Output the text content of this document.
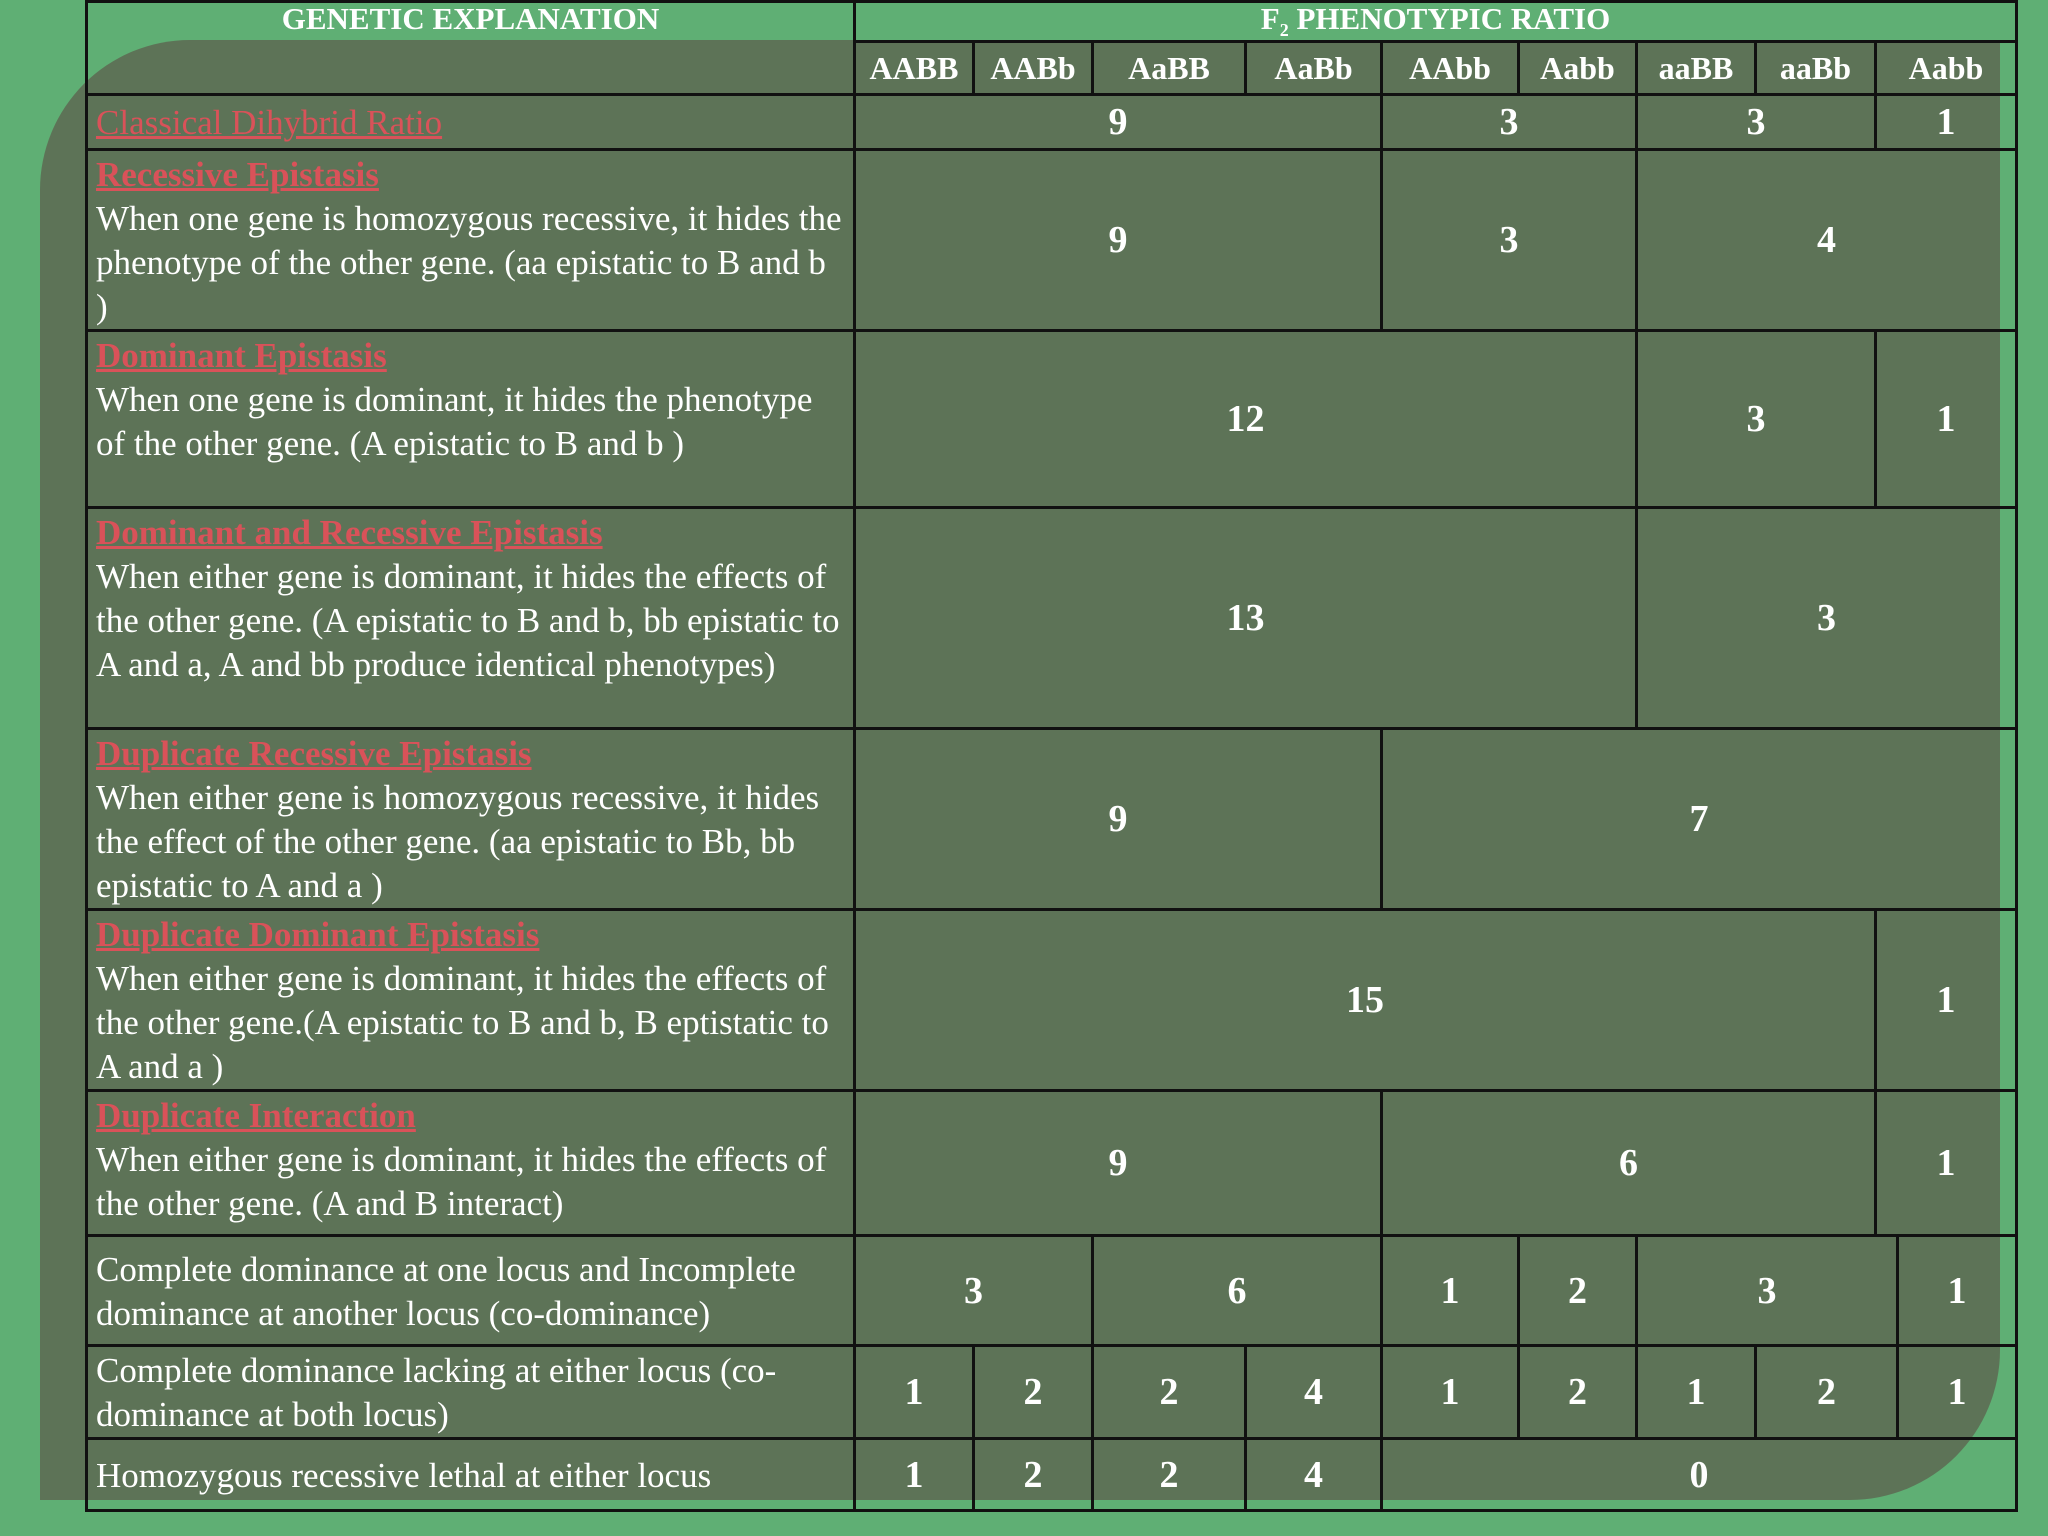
GENETIC EXPLANATION	$F_2$ PHENOTYPIC RATIO									
	AABB	AABb	AaBB	AaBb	AAbb	Aabb	aaBB	aaBb	Aabb	

Classical Dihybrid Ratio	9				3		3		1	

Recessive Epistasis
When one gene is homozygous recessive, it hides the phenotype of the other gene. (aa epistatic to B and b )	9				3		4			

Dominant Epistasis
When one gene is dominant, it hides the phenotype of the other gene. (A epistatic to B and b )	12						3		1	

Dominant and Recessive Epistasis
When either gene is dominant, it hides the effects of the other gene. (A epistatic to B and b, bb epistatic to A and a, A and bb produce identical phenotypes)	13						3			

Duplicate Recessive Epistasis
When either gene is homozygous recessive, it hides the effect of the other gene. (aa epistatic to Bb, bb epistatic to A and a )	9				7					

Duplicate Dominant Epistasis
When either gene is dominant, it hides the effects of the other gene.(A epistatic to B and b, B eptistatic to A and a )	15								1	

Duplicate Interaction
When either gene is dominant, it hides the effects of the other gene. (A and B interact)	9				6				1	
Complete dominance at one locus and Incomplete dominance at another locus (co-dominance)	3		6		1	2	3			1
Complete dominance lacking at either locus (co-dominance at both locus)	1	2	2	4	1	2	1	2		1
Homozygous recessive lethal at either locus	1	2	2	4	0					
